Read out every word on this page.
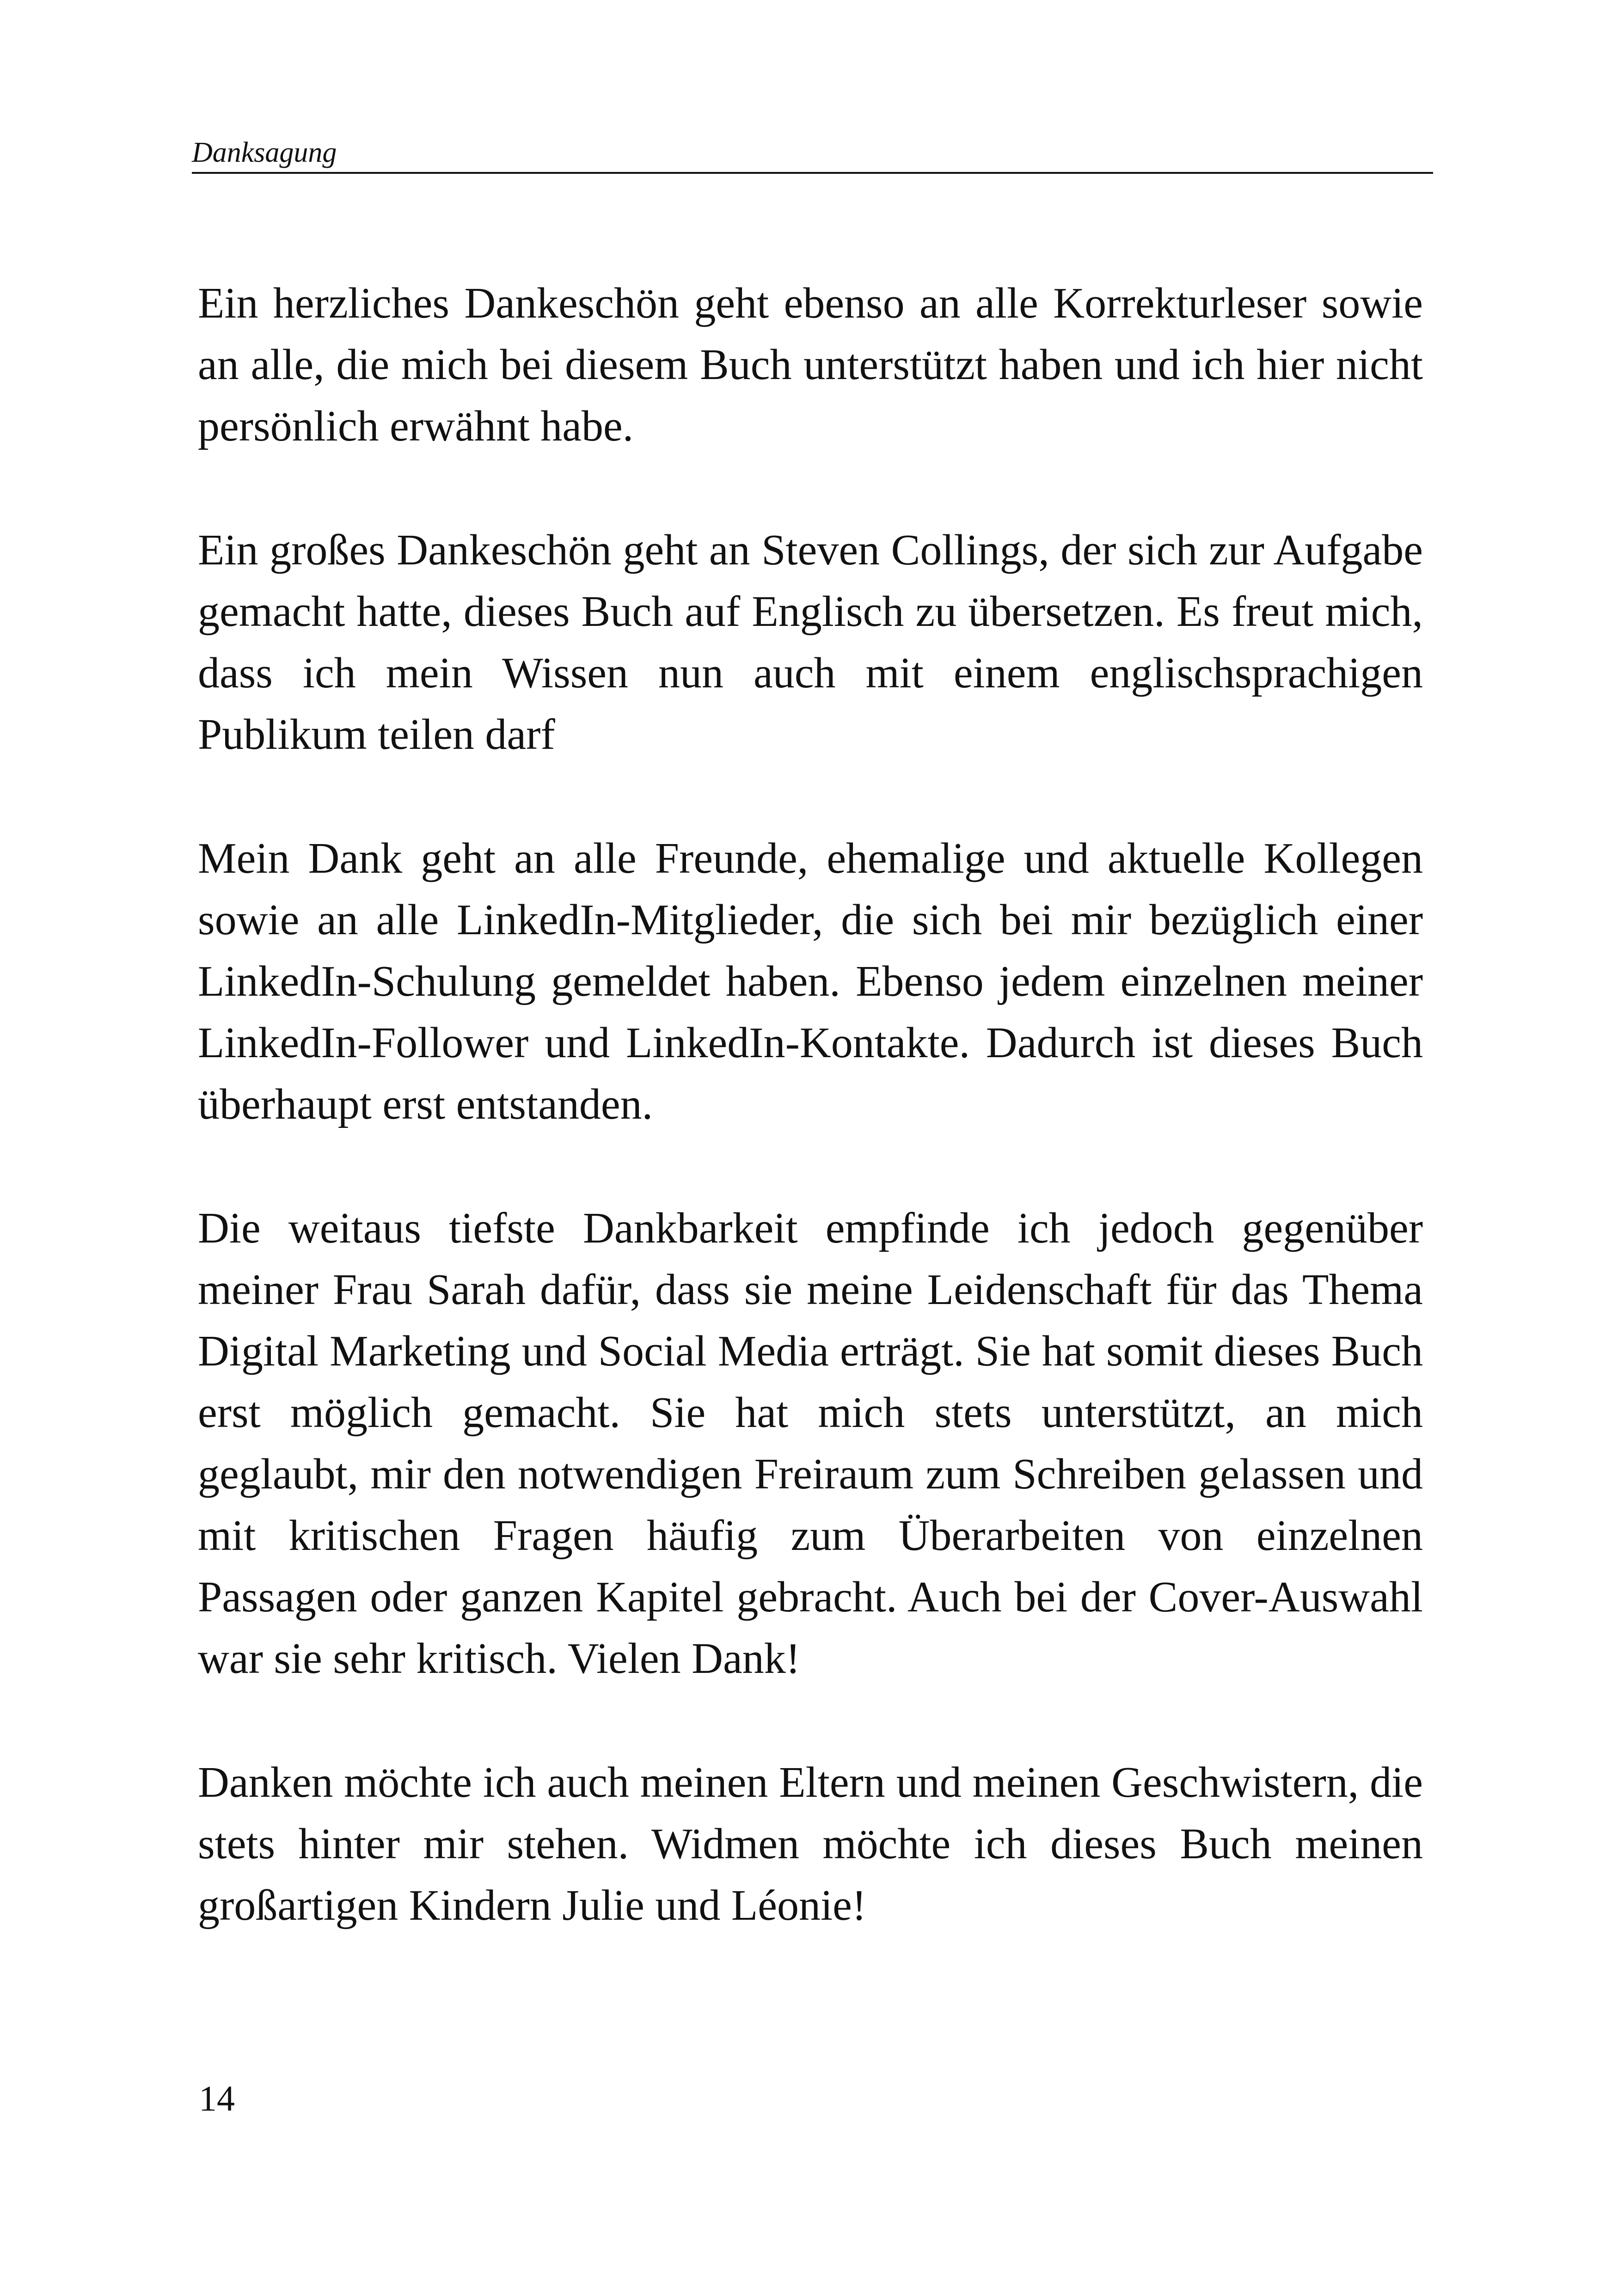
Danksagung

Ein herzliches Dankeschön geht ebenso an alle Korrekturleser sowie an alle, die mich bei diesem Buch unterstützt haben und ich hier nicht persönlich erwähnt habe.

Ein großes Dankeschön geht an Steven Collings, der sich zur Aufgabe gemacht hatte, dieses Buch auf Englisch zu übersetzen. Es freut mich, dass ich mein Wissen nun auch mit einem englischsprachigen Publikum teilen darf

Mein Dank geht an alle Freunde, ehemalige und aktuelle Kollegen sowie an alle LinkedIn-Mitglieder, die sich bei mir bezüglich einer LinkedIn-Schulung gemeldet haben. Ebenso jedem einzelnen meiner LinkedIn-Follower und LinkedIn-Kontakte. Dadurch ist dieses Buch überhaupt erst entstanden.

Die weitaus tiefste Dankbarkeit empfinde ich jedoch gegenüber meiner Frau Sarah dafür, dass sie meine Leidenschaft für das Thema Digital Marketing und Social Media erträgt. Sie hat somit dieses Buch erst möglich gemacht. Sie hat mich stets unterstützt, an mich geglaubt, mir den notwendigen Freiraum zum Schreiben gelassen und mit kritischen Fragen häufig zum Überarbeiten von einzelnen Passagen oder ganzen Kapitel gebracht. Auch bei der Cover-Auswahl war sie sehr kritisch. Vielen Dank!

Danken möchte ich auch meinen Eltern und meinen Geschwistern, die stets hinter mir stehen. Widmen möchte ich dieses Buch meinen großartigen Kindern Julie und Léonie!

14
